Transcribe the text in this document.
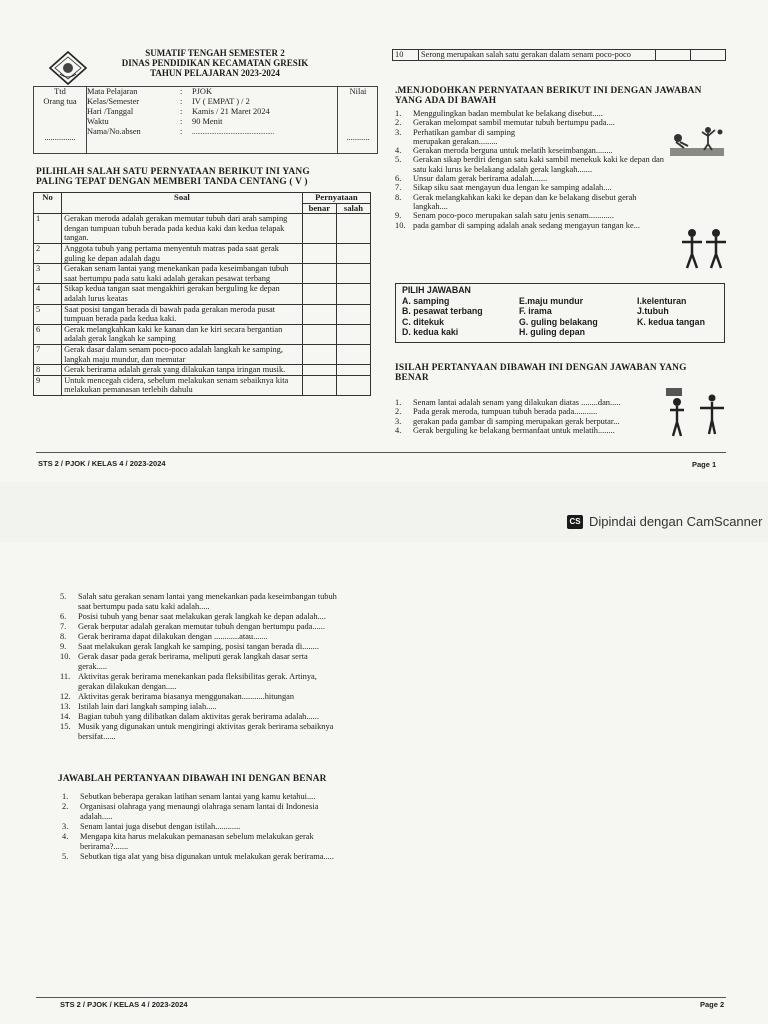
SUMATIF TENGAH SEMESTER 2
DINAS PENDIDIKAN KECAMATAN GRESIK
TAHUN PELAJARAN 2023-2024
Ttd
Orang tua
...............
Mata Pelajaran	:	PJOK
Kelas/Semester	:	IV ( EMPAT ) / 2
Hari /Tanggal	:	Kamis / 21 Maret 2024
Waktu	:	90 Menit
Nama/No.absen	:	...............................................
Nilai
...........
PILIHLAH SALAH SATU PERNYATAAN BERIKUT INI YANG
PALING TEPAT DENGAN MEMBERI TANDA CENTANG ( V )
No	Soal	Pernyataan	
		benar	salah
1	Gerakan meroda adalah gerakan memutar tubuh dari arah samping dengan tumpuan tubuh berada pada kedua kaki dan kedua telapak tangan.		
2	Anggota tubuh yang pertama menyentuh matras pada saat gerak guling ke depan adalah dagu		
3	Gerakan senam lantai yang menekankan pada keseimbangan tubuh saat bertumpu pada satu kaki adalah gerakan pesawat terbang		
4	Sikap kedua tangan saat mengakhiri gerakan berguling ke depan adalah lurus keatas		
5	Saat posisi tangan berada di bawah pada gerakan meroda pusat tumpuan berada pada kedua kaki.		
6	Gerak melangkahkan kaki ke kanan dan ke kiri secara bergantian adalah gerak langkah ke samping		
7	Gerak dasar dalam senam poco-poco adalah langkah ke samping, langkah maju mundur, dan memutar		
8	Gerak berirama adalah gerak yang dilakukan tanpa iringan musik.		
9	Untuk mencegah cidera, sebelum melakukan senam sebaiknya kita melakukan pemanasan terlebih dahulu		
10	Serong merupakan salah satu gerakan dalam senam poco-poco		
.MENJODOHKAN PERNYATAAN BERIKUT INI DENGAN JAWABAN
YANG ADA DI BAWAH
1.	Menggulingkan badan membulat ke belakang disebut.....
2.	Gerakan melompat sambil memutar tubuh bertumpu pada....
3.	Perhatikan gambar di samping
merupakan gerakan.........
4.	Gerakan meroda berguna untuk melatih keseimbangan........
5.	Gerakan sikap berdiri dengan satu kaki sambil menekuk kaki ke depan dan
satu kaki lurus ke belakang adalah gerak langkah.......
6.	Unsur dalam gerak berirama adalah.......
7.	Sikap siku saat mengayun dua lengan ke samping adalah....
8.	Gerak melangkahkan kaki ke depan dan ke belakang disebut gerah
langkah....
9.	Senam poco-poco merupakan salah satu jenis senam............
10. pada gambar di samping adalah anak sedang mengayun tangan ke...
PILIH JAWABAN
A. samping	E.maju mundur	I.kelenturan
B. pesawat terbang	F. irama	J.tubuh
C. ditekuk	G. guling belakang	K. kedua tangan
D. kedua kaki	H. guling depan
ISILAH PERTANYAAN DIBAWAH INI DENGAN JAWABAN YANG
BENAR
1.	Senam lantai adalah senam yang dilakukan diatas ........dan.....
2.	Pada gerak meroda, tumpuan tubuh berada pada...........
3.	gerakan pada gambar di samping merupakan gerak berputar...
4.	Gerak berguling ke belakang bermanfaat untuk melatih........
STS 2 / PJOK / KELAS 4 / 2023-2024	Page 1
CS Dipindai dengan CamScanner
5.	Salah satu gerakan senam lantai yang menekankan pada keseimbangan tubuh
saat bertumpu pada satu kaki adalah.....
6.	Posisi tubuh yang benar saat melakukan gerak langkah ke depan adalah....
7.	Gerak berputar adalah gerakan memutar tubuh dengan bertumpu pada......
8.	Gerak berirama dapat dilakukan dengan ............atau.......
9.	Saat melakukan gerak langkah ke samping, posisi tangan berada di........
10. Gerak dasar pada gerak berirama, meliputi gerak langkah dasar serta
gerak.....
11. Aktivitas gerak berirama menekankan pada fleksibilitas gerak. Artinya,
gerakan dilakukan dengan.....
12. Aktivitas gerak berirama biasanya menggunakan...........hitungan
13. Istilah lain dari langkah samping ialah.....
14. Bagian tubuh yang dilibatkan dalam aktivitas gerak berirama adalah......
15. Musik yang digunakan untuk mengiringi aktivitas gerak berirama sebaiknya
bersifat......
JAWABLAH PERTANYAAN DIBAWAH INI DENGAN BENAR
1.	Sebutkan beberapa gerakan latihan senam lantai yang kamu ketahui....
2.	Organisasi olahraga yang menaungi olahraga senam lantai di Indonesia
adalah.....
3.	Senam lantai juga disebut dengan istilah............
4.	Mengapa kita harus melakukan pemanasan sebelum melakukan gerak
berirama?.......
5.	Sebutkan tiga alat yang bisa digunakan untuk melakukan gerak berirama.....
STS 2 / PJOK / KELAS 4 / 2023-2024	Page 2
